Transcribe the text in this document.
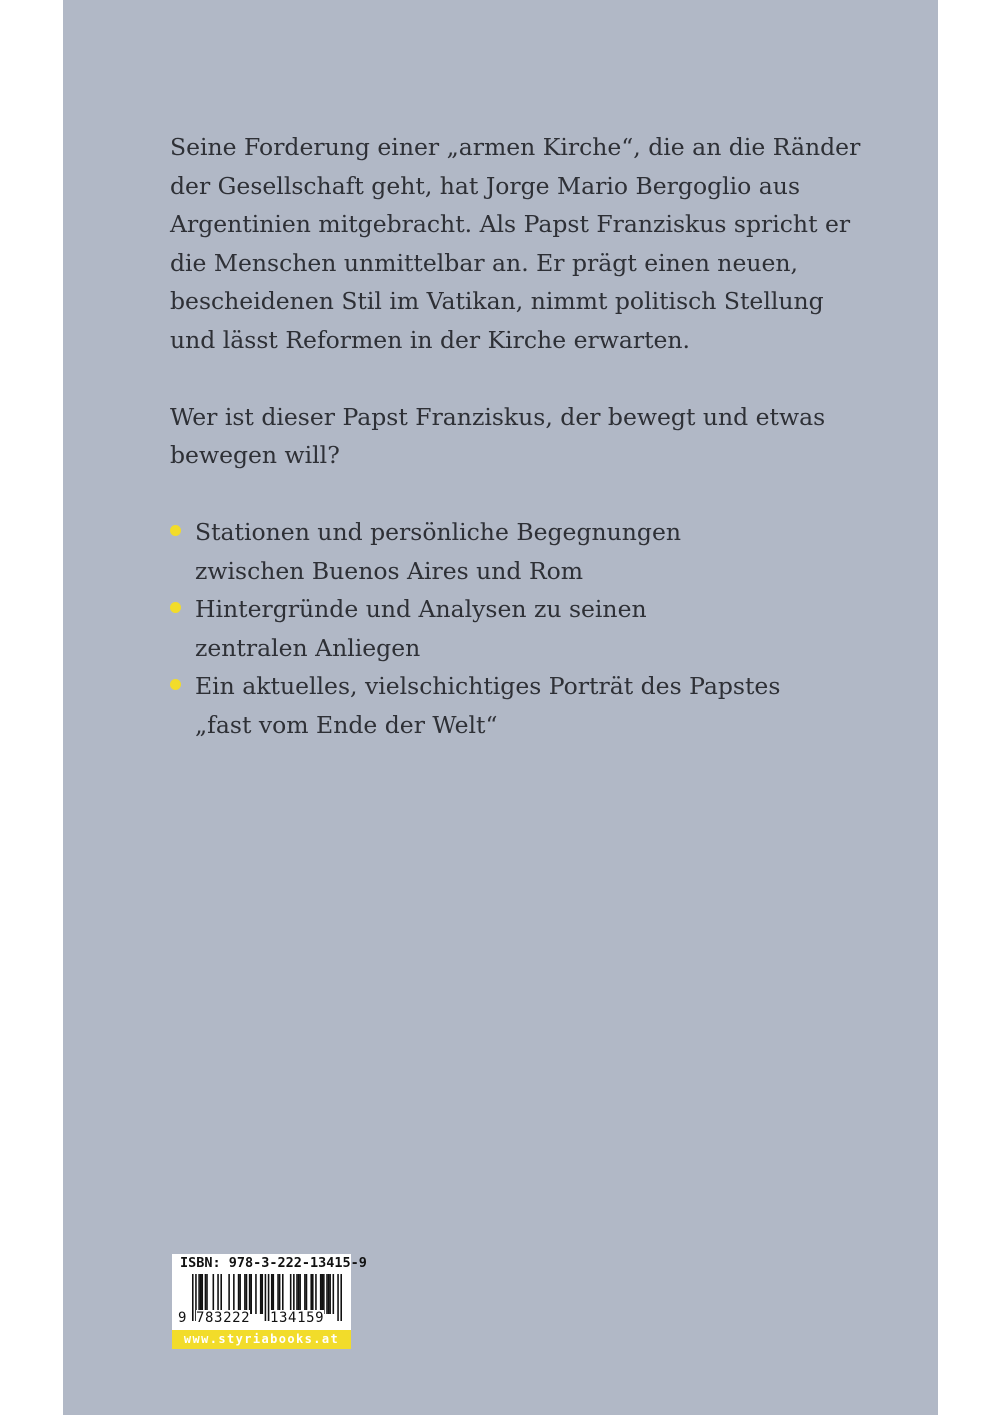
Seine Forderung einer „armen Kirche“, die an die Ränder
der Gesellschaft geht, hat Jorge Mario Bergoglio aus
Argentinien mitgebracht. Als Papst Franziskus spricht er
die Menschen unmittelbar an. Er prägt einen neuen,
bescheidenen Stil im Vatikan, nimmt politisch Stellung
und lässt Reformen in der Kirche erwarten.

Wer ist dieser Papst Franziskus, der bewegt und etwas
bewegen will?

Stationen und persönliche Begegnungen
zwischen Buenos Aires und Rom
Hintergründe und Analysen zu seinen
zentralen Anliegen
Ein aktuelles, vielschichtiges Porträt des Papstes
„fast vom Ende der Welt“
ISBN: 978-3-222-13415-9
9 783222 134159
www.styriabooks.at
